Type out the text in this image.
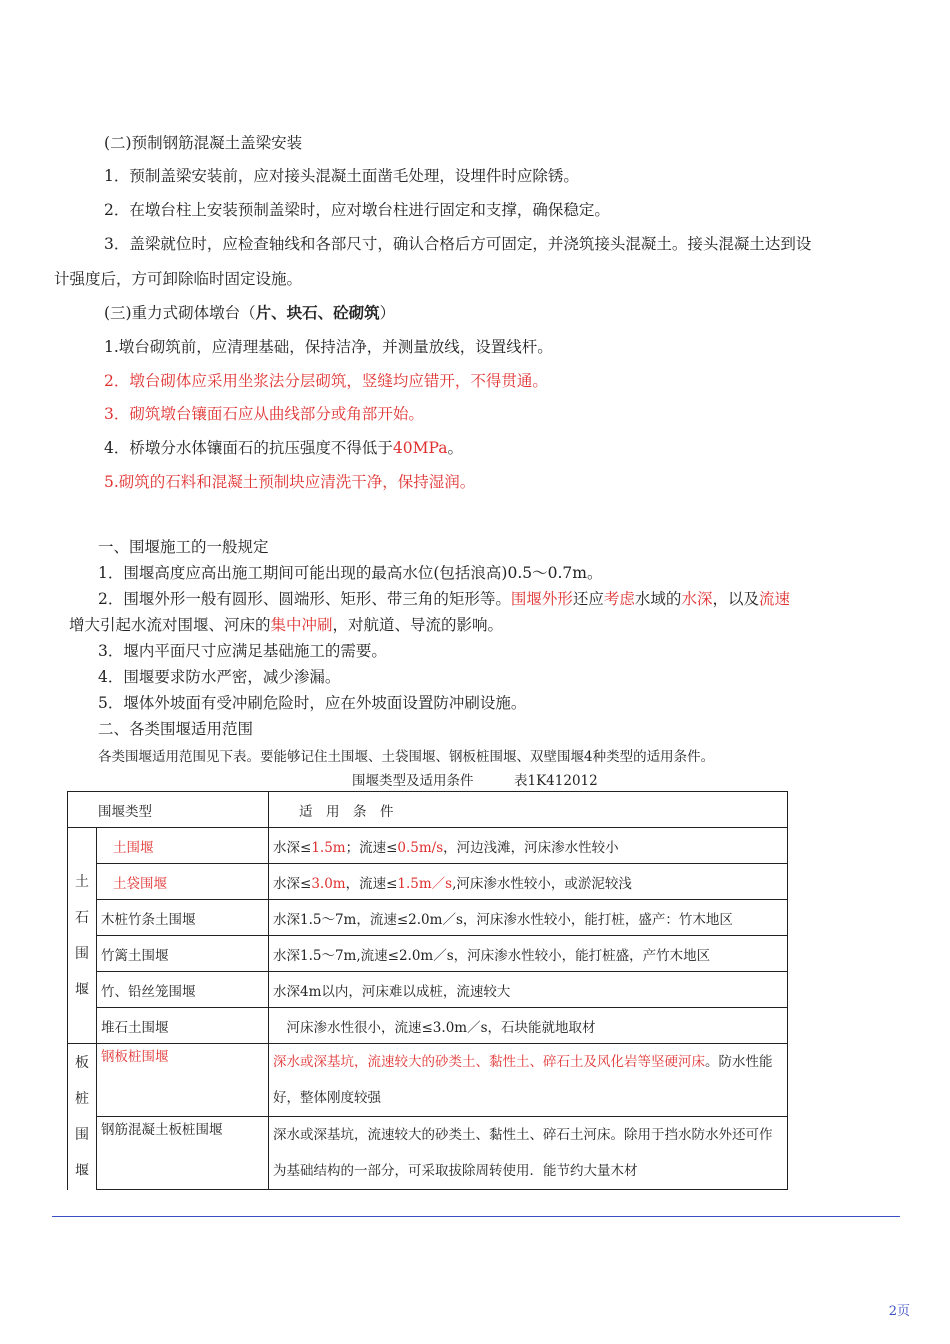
(二)预制钢筋混凝土盖梁安装
1．预制盖梁安装前，应对接头混凝土面凿毛处理，设埋件时应除锈。
2．在墩台柱上安装预制盖梁时，应对墩台柱进行固定和支撑，确保稳定。
3．盖梁就位时，应检查轴线和各部尺寸，确认合格后方可固定，并浇筑接头混凝土。接头混凝土达到设
计强度后，方可卸除临时固定设施。
(三)重力式砌体墩台（片、块石、砼砌筑）
1.墩台砌筑前，应清理基础，保持洁净，并测量放线，设置线杆。
2．墩台砌体应采用坐浆法分层砌筑，竖缝均应错开，不得贯通。
3．砌筑墩台镶面石应从曲线部分或角部开始。
4．桥墩分水体镶面石的抗压强度不得低于40MPa。
5.砌筑的石料和混凝土预制块应清洗干净，保持湿润。
一、围堰施工的一般规定
1．围堰高度应高出施工期间可能出现的最高水位(包括浪高)0.5～0.7m。
2．围堰外形一般有圆形、圆端形、矩形、带三角的矩形等。围堰外形还应考虑水域的水深，以及流速
增大引起水流对围堰、河床的集中冲刷，对航道、导流的影响。
3．堰内平面尺寸应满足基础施工的需要。
4．围堰要求防水严密，减少渗漏。
5．堰体外坡面有受冲刷危险时，应在外坡面设置防冲刷设施。
二、各类围堰适用范围
各类围堰适用范围见下表。要能够记住土围堰、土袋围堰、钢板桩围堰、双壁围堰4种类型的适用条件。
围堰类型及适用条件　　　表1K412012
围堰类型		适　用　条　件

土
石
围
堰	土围堰	水深≤1.5m；流速≤0.5m/s，河边浅滩，河床渗水性较小
	土袋围堰	水深≤3.0m，流速≤1.5m／s,河床渗水性较小，或淤泥较浅
	木桩竹条土围堰	水深1.5～7m，流速≤2.0m／s，河床渗水性较小，能打桩，盛产：竹木地区
	竹篱土围堰	水深1.5～7m,流速≤2.0m／s，河床渗水性较小，能打桩盛，产竹木地区
	竹、铅丝笼围堰	水深4m以内，河床难以成桩，流速较大
	堆石土围堰	　河床渗水性很小，流速≤3.0m／s，石块能就地取材

板
桩
围
堰	钢板桩围堰	深水或深基坑，流速较大的砂类土、黏性土、碎石土及风化岩等坚硬河床。防水性能好，整体刚度较强
	钢筋混凝土板桩围堰	深水或深基坑，流速较大的砂类土、黏性土、碎石土河床。除用于挡水防水外还可作为基础结构的一部分，可采取拔除周转使用．能节约大量木材
2页
